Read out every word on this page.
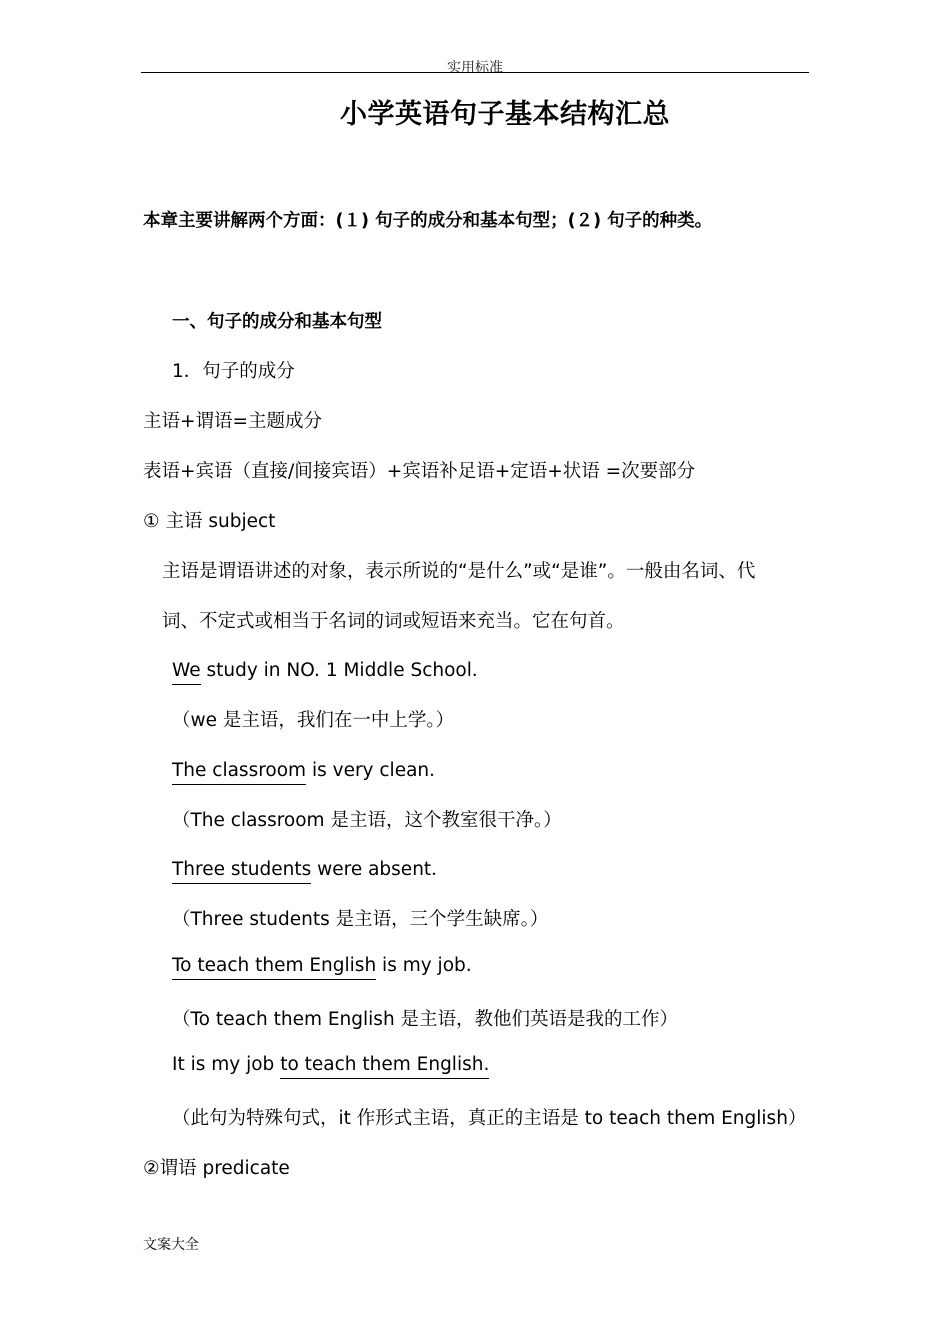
实用标准
小学英语句子基本结构汇总
本章主要讲解两个方面：(１) 句子的成分和基本句型；(２) 句子的种类。
一、句子的成分和基本句型
1．句子的成分
主语+谓语=主题成分
表语+宾语（直接/间接宾语）+宾语补足语+定语+状语 =次要部分
① 主语 subject
主语是谓语讲述的对象，表示所说的“是什么”或“是谁”。一般由名词、代
词、不定式或相当于名词的词或短语来充当。它在句首。
We study in NO. 1 Middle School．
（we 是主语，我们在一中上学。）
The classroom is very clean．
（The classroom 是主语，这个教室很干净。）
Three students were absent．
（Three students 是主语，三个学生缺席。）
To teach them English is my job.
（To teach them English 是主语，教他们英语是我的工作）
It is my job to teach them English.
（此句为特殊句式，it 作形式主语，真正的主语是 to teach them English）
②谓语 predicate
文案大全
